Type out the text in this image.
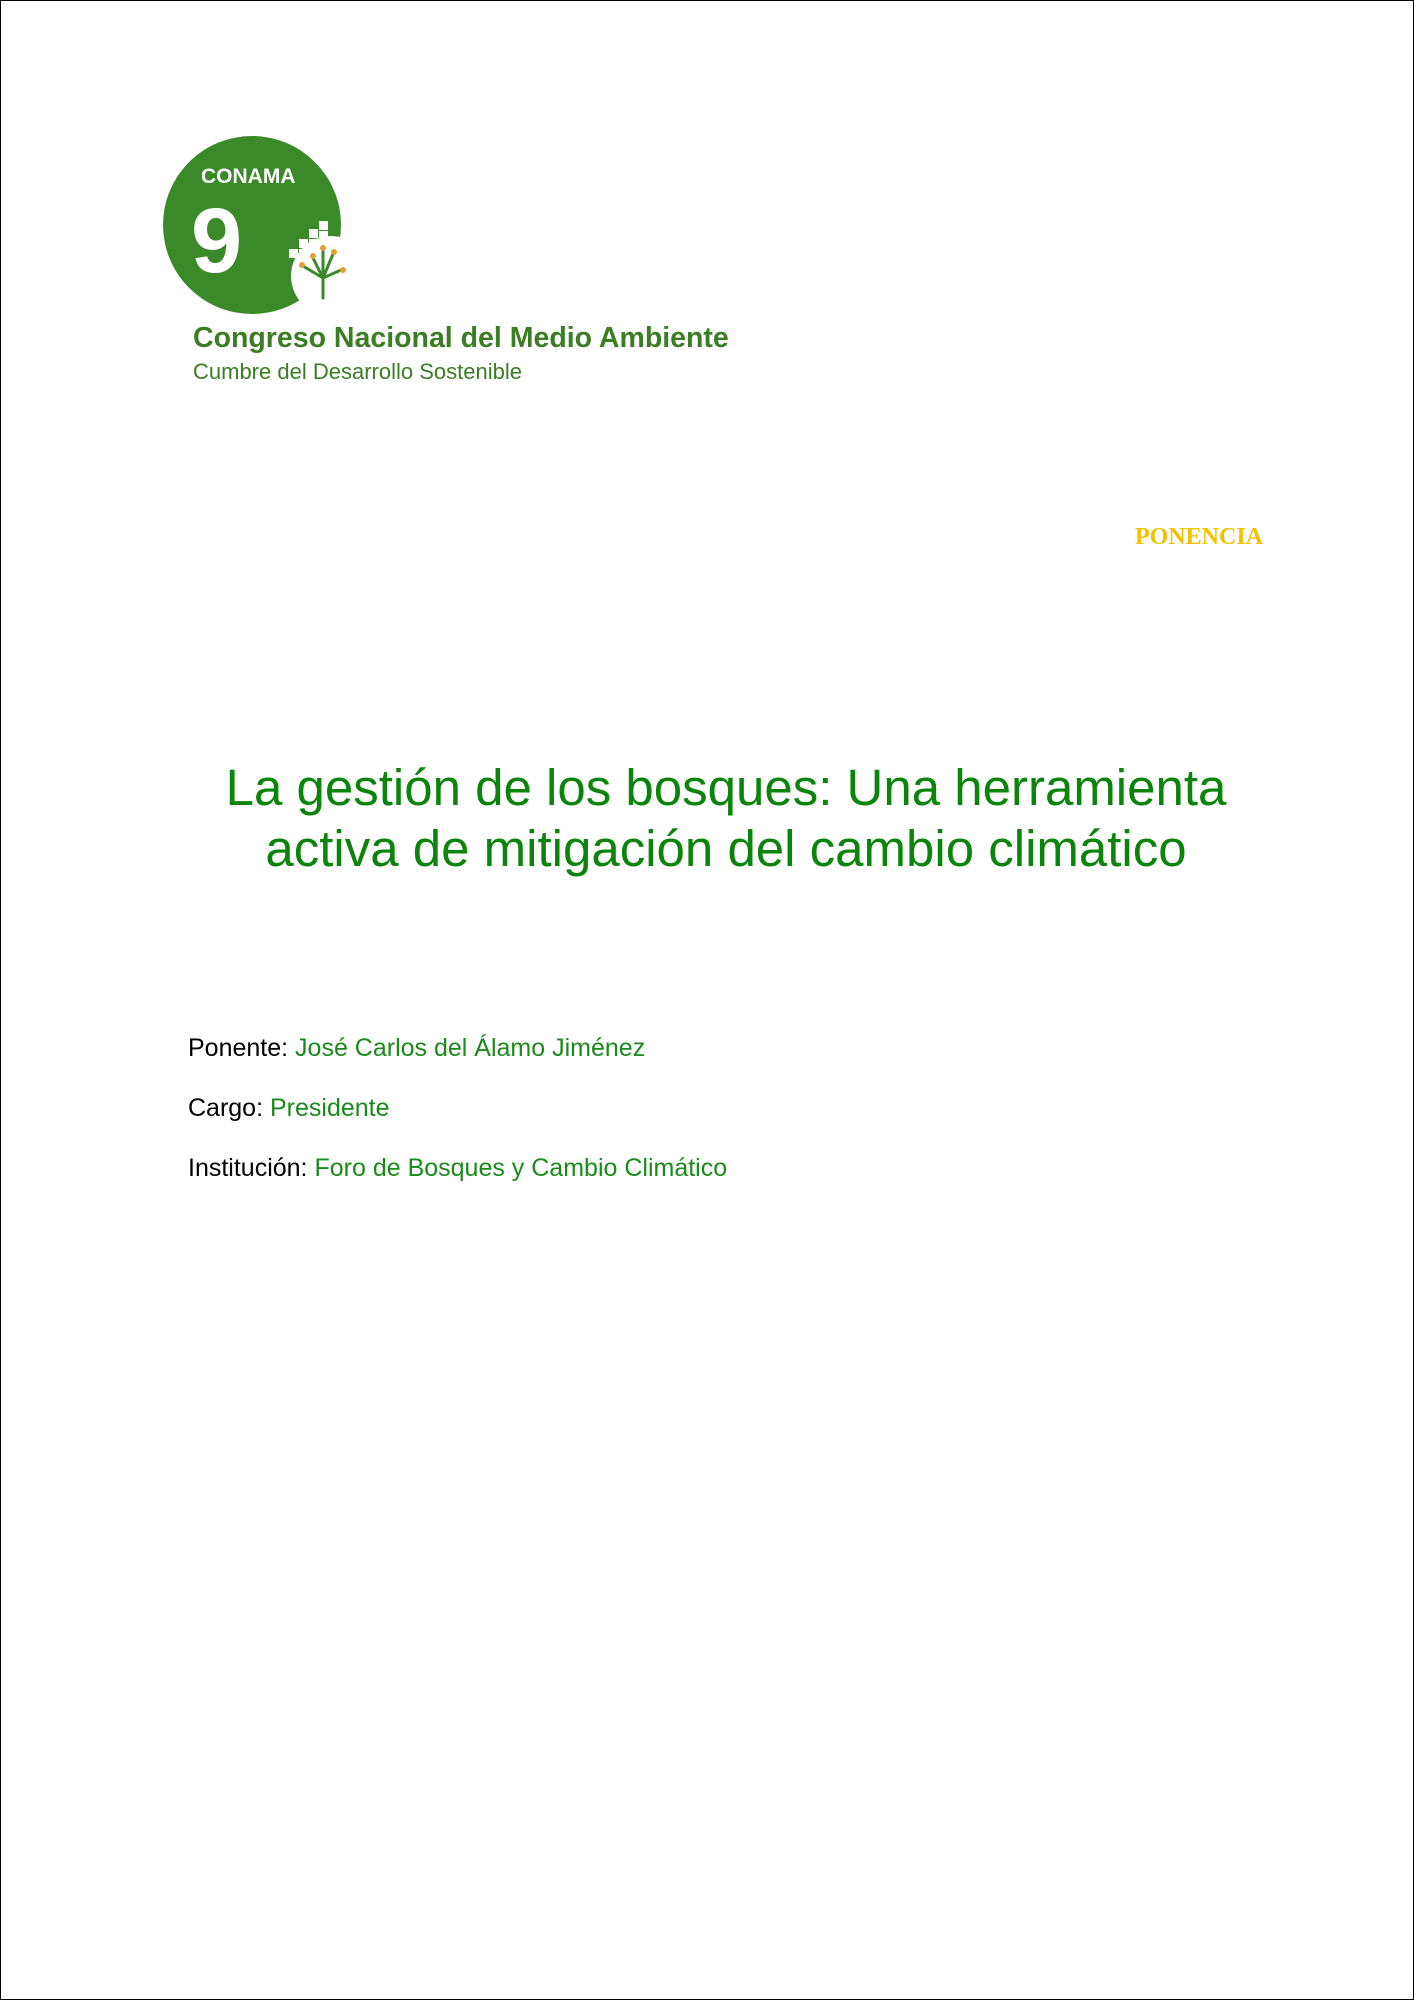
CONAMA
9
Congreso Nacional del Medio Ambiente
Cumbre del Desarrollo Sostenible
PONENCIA
La gestión de los bosques: Una herramienta
activa de mitigación del cambio climático
Ponente: José Carlos del Álamo Jiménez
Cargo: Presidente
Institución: Foro de Bosques y Cambio Climático
